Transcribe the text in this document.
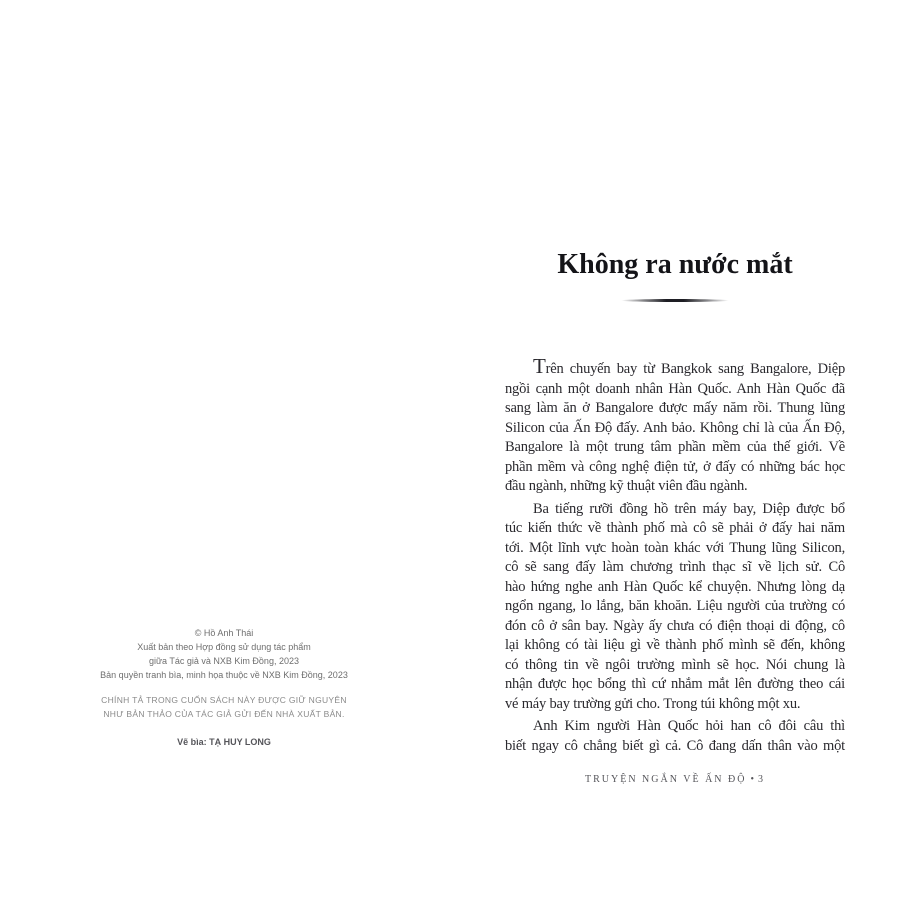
© Hồ Anh Thái
Xuất bản theo Hợp đồng sử dụng tác phẩm
giữa Tác giả và NXB Kim Đồng, 2023
Bản quyền tranh bìa, minh họa thuộc về NXB Kim Đồng, 2023
CHÍNH TẢ TRONG CUỐN SÁCH NÀY ĐƯỢC GIỮ NGUYÊN
NHƯ BẢN THẢO CỦA TÁC GIẢ GỬI ĐẾN NHÀ XUẤT BẢN.
Vẽ bìa: TẠ HUY LONG
Không ra nước mắt
Trên chuyến bay từ Bangkok sang Bangalore, Diệp
ngồi cạnh một doanh nhân Hàn Quốc. Anh Hàn Quốc đã
sang làm ăn ở Bangalore được mấy năm rồi. Thung lũng
Silicon của Ấn Độ đấy. Anh bảo. Không chỉ là của Ấn Độ,
Bangalore là một trung tâm phần mềm của thế giới. Về
phần mềm và công nghệ điện tử, ở đấy có những bác học
đầu ngành, những kỹ thuật viên đầu ngành.
Ba tiếng rưỡi đồng hồ trên máy bay, Diệp được bổ
túc kiến thức về thành phố mà cô sẽ phải ở đấy hai năm
tới. Một lĩnh vực hoàn toàn khác với Thung lũng Silicon,
cô sẽ sang đấy làm chương trình thạc sĩ về lịch sử. Cô
hào hứng nghe anh Hàn Quốc kể chuyện. Nhưng lòng dạ
ngổn ngang, lo lắng, băn khoăn. Liệu người của trường có
đón cô ở sân bay. Ngày ấy chưa có điện thoại di động, cô
lại không có tài liệu gì về thành phố mình sẽ đến, không
có thông tin về ngôi trường mình sẽ học. Nói chung là
nhận được học bổng thì cứ nhắm mắt lên đường theo cái
vé máy bay trường gửi cho. Trong túi không một xu.
Anh Kim người Hàn Quốc hỏi han cô đôi câu thì
biết ngay cô chẳng biết gì cả. Cô đang dấn thân vào một
TRUYỆN NGẮN VỀ ẤN ĐỘ • 3
